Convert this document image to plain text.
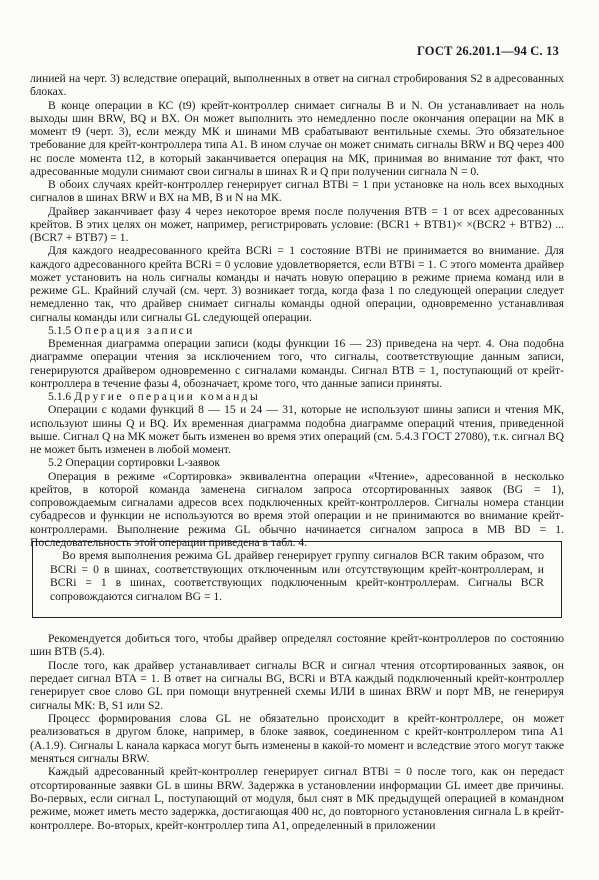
ГОСТ 26.201.1—94 С. 13

линией на черт. 3) вследствие операций, выполненных в ответ на сигнал стробирования S2 в адресованных блоках.

В конце операции в КС (t9) крейт-контроллер снимает сигналы В и N. Он устанавливает на ноль выходы шин BRW, BQ и ВХ. Он может выполнить это немедленно после окончания операции на МК в момент t9 (черт. 3), если между МК и шинами МВ срабатывают вентильные схемы. Это обязательное требование для крейт-контроллера типа А1. В ином случае он может снимать сигналы BRW и BQ через 400 нс после момента t12, в который заканчивается операция на МК, принимая во внимание тот факт, что адресованные модули снимают свои сигналы в шинах R и Q при получении сигнала N = 0.

В обоих случаях крейт-контроллер генерирует сигнал BTBi = 1 при установке на ноль всех выходных сигналов в шинах BRW и ВХ на МВ, В и N на МК.

Драйвер заканчивает фазу 4 через некоторое время после получения BTB = 1 от всех адресованных крейтов. В этих целях он может, например, регистрировать условие: (BCR1 + BTB1)× ×(BCR2 + BTB2) ... (BCR7 + BTB7) = 1.

Для каждого неадресованного крейта BCRi = 1 состояние BTBi не принимается во внимание. Для каждого адресованного крейта BCRi = 0 условие удовлетворяется, если BTBi = 1. С этого момента драйвер может установить на ноль сигналы команды и начать новую операцию в режиме приема команд или в режиме GL. Крайний случай (см. черт. 3) возникает тогда, когда фаза 1 по следующей операции следует немедленно так, что драйвер снимает сигналы команды одной операции, одновременно устанавливая сигналы команды или сигналы GL следующей операции.

5.1.5 Операция записи

Временная диаграмма операции записи (коды функции 16 — 23) приведена на черт. 4. Она подобна диаграмме операции чтения за исключением того, что сигналы, соответствующие данным записи, генерируются драйвером одновременно с сигналами команды. Сигнал BTB = 1, поступающий от крейт-контроллера в течение фазы 4, обозначает, кроме того, что данные записи приняты.

5.1.6 Другие операции команды

Операции с кодами функций 8 — 15 и 24 — 31, которые не используют шины записи и чтения МК, используют шины Q и BQ. Их временная диаграмма подобна диаграмме операций чтения, приведенной выше. Сигнал Q на МК может быть изменен во время этих операций (см. 5.4.3 ГОСТ 27080), т.к. сигнал BQ не может быть изменен в любой момент.

5.2 Операции сортировки L-заявок

Операция в режиме «Сортировка» эквивалентна операции «Чтение», адресованной в несколько крейтов, в которой команда заменена сигналом запроса отсортированных заявок (BG = 1), сопровождаемым сигналами адресов всех подключенных крейт-контроллеров. Сигналы номера станции субадресов и функции не используются во время этой операции и не принимаются во внимание крейт-контроллерами. Выполнение режима GL обычно начинается сигналом запроса в МВ BD = 1. Последовательность этой операции приведена в табл. 4.

Во время выполнения режима GL драйвер генерирует группу сигналов BCR таким образом, что BCRi = 0 в шинах, соответствующих отключенным или отсутствующим крейт-контроллерам, и BCRi = 1 в шинах, соответствующих подключенным крейт-контроллерам. Сигналы BCR сопровождаются сигналом BG = 1.

Рекомендуется добиться того, чтобы драйвер определял состояние крейт-контроллеров по состоянию шин BTB (5.4).

После того, как драйвер устанавливает сигналы BCR и сигнал чтения отсортированных заявок, он передает сигнал BTA = 1. В ответ на сигналы BG, BCRi и BTA каждый подключенный крейт-контроллер генерирует свое слово GL при помощи внутренней схемы ИЛИ в шинах BRW и порт МВ, не генерируя сигналы МК: В, S1 или S2.

Процесс формирования слова GL не обязательно происходит в крейт-контроллере, он может реализоваться в другом блоке, например, в блоке заявок, соединенном с крейт-контроллером типа А1 (А.1.9). Сигналы L канала каркаса могут быть изменены в какой-то момент и вследствие этого могут также меняться сигналы BRW.

Каждый адресованный крейт-контроллер генерирует сигнал BTBi = 0 после того, как он передаст отсортированные заявки GL в шины BRW. Задержка в установлении информации GL имеет две причины. Во-первых, если сигнал L, поступающий от модуля, был снят в МК предыдущей операцией в командном режиме, может иметь место задержка, достигающая 400 нс, до повторного установления сигнала L в крейт-контроллере. Во-вторых, крейт-контроллер типа А1, определенный в приложении
